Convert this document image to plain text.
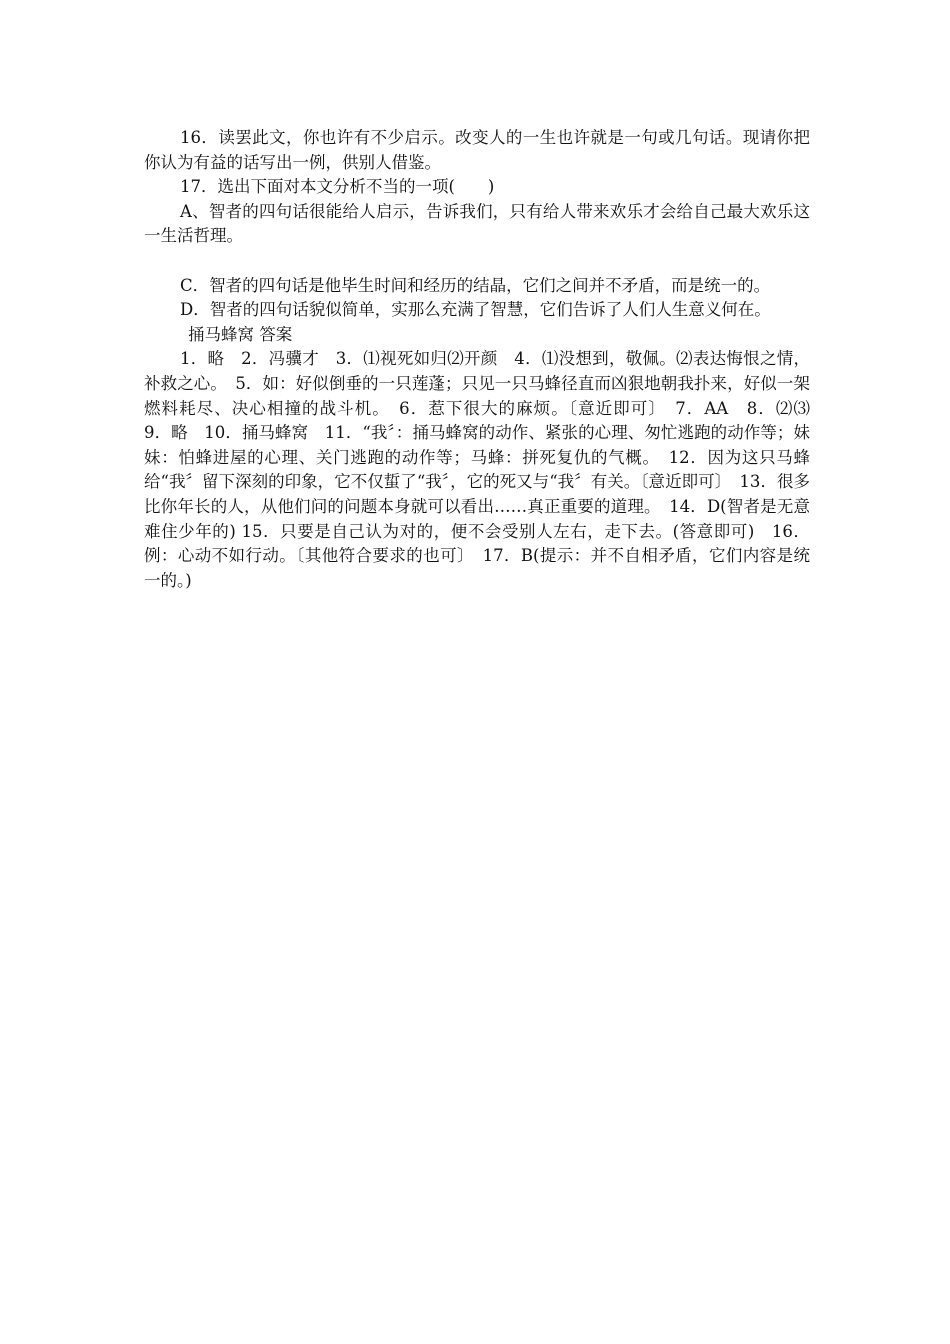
16．读罢此文，你也许有不少启示。改变人的一生也许就是一句或几句话。现请你把你认为有益的话写出一例，供别人借鉴。

17．选出下面对本文分析不当的一项(　　)

A、智者的四句话很能给人启示，告诉我们，只有给人带来欢乐才会给自己最大欢乐这一生活哲理。

C．智者的四句话是他毕生时间和经历的结晶，它们之间并不矛盾，而是统一的。

D．智者的四句话貌似简单，实那么充满了智慧，它们告诉了人们人生意义何在。

捅马蜂窝 答案

1．略　2．冯骥才　3．⑴视死如归⑵开颜　4．⑴没想到，敬佩。⑵表达悔恨之情，补救之心。　5．如：好似倒垂的一只莲蓬；只见一只马蜂径直而凶狠地朝我扑来，好似一架燃料耗尽、决心相撞的战斗机。　6．惹下很大的麻烦。〔意近即可〕　7．AA　8．⑵⑶　9．略　10．捅马蜂窝　11．“我〞：捅马蜂窝的动作、紧张的心理、匆忙逃跑的动作等；妹妹：怕蜂进屋的心理、关门逃跑的动作等；马蜂：拼死复仇的气概。　12．因为这只马蜂给“我〞留下深刻的印象，它不仅蜇了“我〞，它的死又与“我〞有关。〔意近即可〕　13．很多比你年长的人，从他们问的问题本身就可以看出……真正重要的道理。　14．D(智者是无意难住少年的) 15．只要是自己认为对的，便不会受别人左右，走下去。(答意即可)　16．例：心动不如行动。〔其他符合要求的也可〕　17．B(提示：并不自相矛盾，它们内容是统一的。)
